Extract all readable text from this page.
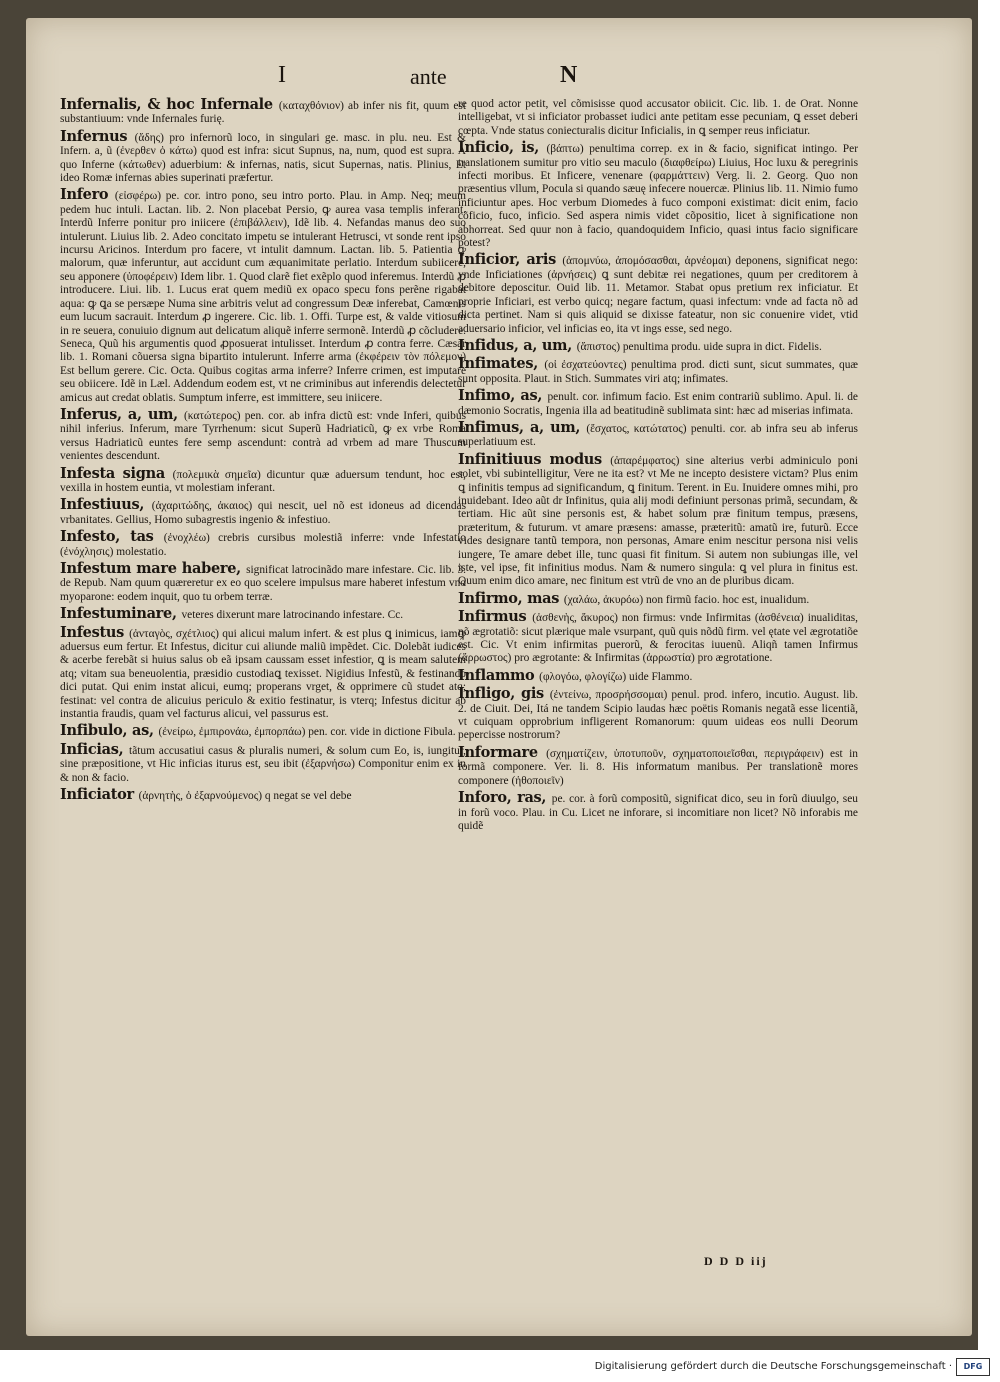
I	ante	N

Infernalis, & hoc Infernale (καταχθόνιον) ab infer nis fit, quum est substantiuum: vnde Infernales furię.

Infernus (ἅδης) pro infernorũ loco, in singulari ge. masc. in plu. neu. Est & Infern. a, ũ (ἐνερθεν ὁ κάτω) quod est infra: sicut Supnus, na, num, quod est supra. A quo Inferne (κάτωθεν) aduerbium: & infernas, natis, sicut Supernas, natis. Plinius, Et ideo Romæ infernas abies superinati præfertur.

Infero (εἰσφέρω) pe. cor. intro pono, seu intro porto. Plau. in Amp. Neq; meum pedem huc intuli. Lactan. lib. 2. Non placebat Persio, ꝙ aurea vasa templis inferant. Interdũ Inferre ponitur pro iniicere (ἐπιβάλλειν), Idẽ lib. 4. Nefandas manus deo suo intulerunt. Liuius lib. 2. Adeo concitato impetu se intulerant Hetrusci, vt sonde rent ipso incursu Aricinos. Interdum pro facere, vt intulit damnum. Lactan. lib. 5. Patientia ꝙ malorum, quæ inferuntur, aut accidunt cum æquanimitate perlatio. Interdum subiicere, seu apponere (ὑποφέρειν) Idem libr. 1. Quod clarẽ fiet exẽplo quod inferemus. Interdũ ꝓ introducere. Liui. lib. 1. Lucus erat quem mediũ ex opaco specu fons perẽne rigabat aqua: ꝙ ꝗa se persæpe Numa sine arbitris velut ad congressum Deæ inferebat, Camœnis eum lucum sacrauit. Interdum ꝓ ingerere. Cic. lib. 1. Offi. Turpe est, & valde vitiosum in re seuera, conuiuio dignum aut delicatum aliquẽ inferre sermonẽ. Interdũ ꝓ cõcludere. Seneca, Quũ his argumentis quod ꝓposuerat intulisset. Interdum ꝓ contra ferre. Cæsar lib. 1. Romani cõuersa signa bipartito intulerunt. Inferre arma (ἐκφέρειν τὸν πόλεμον) Est bellum gerere. Cic. Octa. Quibus cogitas arma inferre? Inferre crimen, est imputare seu obiicere. Idẽ in Læl. Addendum eodem est, vt ne criminibus aut inferendis delectetur amicus aut credat oblatis. Sumptum inferre, est immittere, seu iniicere.

Inferus, a, um, (κατώτερος) pen. cor. ab infra dictũ est: vnde Inferi, quibus nihil inferius. Inferum, mare Tyrrhenum: sicut Superũ Hadriaticũ, ꝙ ex vrbe Roma versus Hadriaticũ euntes fere semp ascendunt: contrà ad vrbem ad mare Thuscum venientes descendunt.

Infesta signa (πολεμικὰ σημεῖα) dicuntur quæ aduersum tendunt, hoc est, vexilla in hostem euntia, vt molestiam inferant.

Infestiuus, (ἀχαριτώδης, ἀκαιος) qui nescit, uel nõ est idoneus ad dicendas vrbanitates. Gellius, Homo subagrestis ingenio & infestiuo.

Infesto, tas (ἐνοχλέω) crebris cursibus molestiã inferre: vnde Infestatio (ἐνόχλησις) molestatio.

Infestum mare habere, significat latrocinãdo mare infestare. Cic. lib. 3. de Repub. Nam quum quæreretur ex eo quo scelere impulsus mare haberet infestum vno myoparone: eodem inquit, quo tu orbem terræ.

Infestuminare, veteres dixerunt mare latrocinando infestare. Cc.

Infestus (ἀνταγὸς, σχέτλιος) qui alicui malum infert. & est plus ꝗ inimicus, iamꝙ aduersus eum fertur. Et Infestus, dicitur cui aliunde maliũ impẽdet. Cic. Dolebãt iudices & acerbe ferebãt si huius salus ob eã ipsam caussam esset infestior, ꝗ is meam salutem atq; vitam sua beneuolentia, præsidio custodiaꝗ texisset. Nigidius Infestũ, & festinando dici putat. Qui enim instat alicui, eumq; properans vrget, & opprimere cũ studet atq; festinat: vel contra de alicuius periculo & exitio festinatur, is vterq; Infestus dicitur ab instantia fraudis, quam vel facturus alicui, vel passurus est.

Infibulo, as, (ἐνείρω, ἐμπιρονάω, ἐμπορπάω) pen. cor. vide in dictione Fibula.

Inficias, tãtum accusatiui casus & pluralis numeri, & solum cum Eo, is, iungitur, sine præpositione, vt Hic inficias iturus est, seu ibit (ἐξαρνήσω) Componitur enim ex in & non & facio.

Inficiator (ἀρνητὴς, ὁ ἐξαρνούμενος) q negat se vel debe

re quod actor petit, vel cõmisisse quod accusator obiicit. Cic. lib. 1. de Orat. Nonne intelligebat, vt si inficiator probasset iudici ante petitam esse pecuniam, ꝗ esset deberi cœpta. Vnde status coniecturalis dicitur Inficialis, in ꝗ semper reus inficiatur.

Inficio, is, (βάπτω) penultima correp. ex in & facio, significat intingo. Per translationem sumitur pro vitio seu maculo (διαφθείρω) Liuius, Hoc luxu & peregrinis infecti moribus. Et Inficere, venenare (φαρμάττειν) Verg. li. 2. Georg. Quo non præsentius vllum, Pocula si quando sæuę infecere nouercæ. Plinius lib. 11. Nimio fumo inficiuntur apes. Hoc verbum Diomedes à fuco componi existimat: dicit enim, facio cõficio, fuco, inficio. Sed aspera nimis videt cõpositio, licet à significatione non abhorreat. Sed quur non à facio, quandoquidem Inficio, quasi intus facio significare potest?

Inficior, aris (ἀπομνύω, ἀπομόσασθαι, ἀρνέομαι) deponens, significat nego: vnde Inficiationes (ἀρνήσεις) ꝗ sunt debitæ rei negationes, quum per creditorem à debitore deposcitur. Ouid lib. 11. Metamor. Stabat opus pretium rex inficiatur. Et proprie Inficiari, est verbo quicq; negare factum, quasi infectum: vnde ad facta nõ ad dicta pertinet. Nam si quis aliquid se dixisse fateatur, non sic conuenire videt, vtid aduersario inficior, vel inficias eo, ita vt ings esse, sed nego.

Infidus, a, um, (ἄπιστος) penultima produ. uide supra in dict. Fidelis.

Infimates, (οἱ ἐσχατεύοντες) penultima prod. dicti sunt, sicut summates, quæ sunt opposita. Plaut. in Stich. Summates viri atq; infimates.

Infimo, as, penult. cor. infimum facio. Est enim contrariũ sublimo. Apul. li. de dæmonio Socratis, Ingenia illa ad beatitudinẽ sublimata sint: hæc ad miserias infimata.

Infimus, a, um, (ἔσχατος, κατώτατος) penulti. cor. ab infra seu ab inferus superlatiuum est.

Infinitiuus modus (ἀπαρέμφατος) sine alterius verbi adminiculo poni solet, vbi subintelligitur, Vere ne ita est? vt Me ne incepto desistere victam? Plus enim ꝗ infinitis tempus ad significandum, ꝗ finitum. Terent. in Eu. Inuidere omnes mihi, pro inuidebant. Ideo aũt dr Infinitus, quia alij modi definiunt personas primã, secundam, & tertiam. Hic aũt sine personis est, & habet solum præ finitum tempus, præsens, præteritum, & futurum. vt amare præsens: amasse, præteritũ: amatũ ire, futurũ. Ecce vides designare tantũ tempora, non personas, Amare enim nescitur persona nisi velis iungere, Te amare debet ille, tunc quasi fit finitum. Si autem non subiungas ille, vel iste, vel ipse, fit infinitius modus. Nam & numero singula: ꝗ vel plura in finitus est. Quum enim dico amare, nec finitum est vtrũ de vno an de pluribus dicam.

Infirmo, mas (χαλάω, ἀκυρόω) non firmũ facio. hoc est, inualidum.

Infirmus (ἀσθενὴς, ἄκυρος) non firmus: vnde Infirmitas (ἀσθένεια) inualiditas, nõ ægrotatiõ: sicut plærique male vsurpant, quũ quis nõdũ firm. vel ętate vel ægrotatiõe est. Cic. Vt enim infirmitas puerorũ, & ferocitas iuuenũ. Aliqñ tamen Infirmus (ἄρρωστος) pro ægrotante: & Infirmitas (ἀρρωστία) pro ægrotatione.

Inflammo (φλογόω, φλογίζω) uide Flammo.

Infligo, gis (ἐντείνω, προσρήσσομαι) penul. prod. infero, incutio. August. lib. 2. de Ciuit. Dei, Itá ne tandem Scipio laudas hæc poëtis Romanis negatã esse licentiã, vt cuiquam opprobrium infligerent Romanorum: quum uideas eos nulli Deorum pepercisse nostrorum?

Informare (σχηματίζειν, ὑποτυποῦν, σχηματοποιεῖσθαι, περιγράφειν) est in formã componere. Ver. li. 8. His informatum manibus. Per translationẽ mores componere (ἠθοποιεῖν)

Inforo, ras, pe. cor. à forũ compositũ, significat dico, seu in forũ diuulgo, seu in forũ voco. Plau. in Cu. Licet ne inforare, si incomitiare non licet? Nõ inforabis me quidẽ

D D D iij
Digitalisierung gefördert durch die Deutsche Forschungsgemeinschaft ·	DFG
